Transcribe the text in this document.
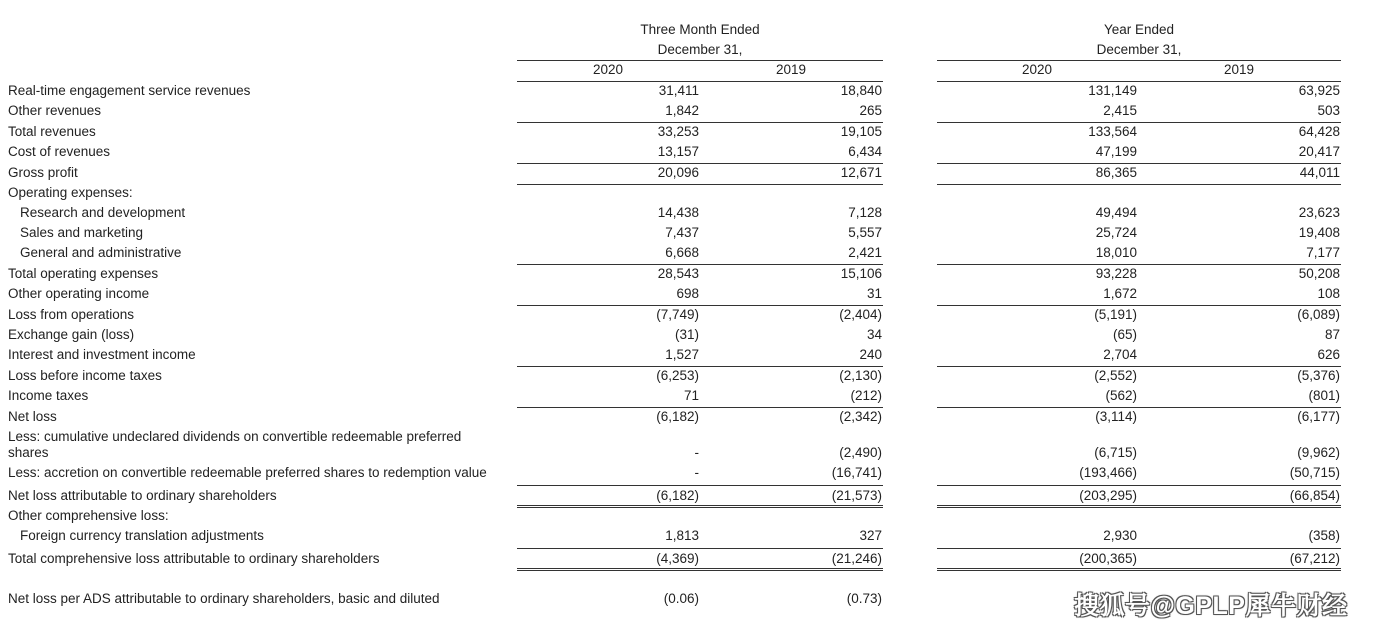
Three Month Ended
December 31,
Year Ended
December 31,
2020	2019	2020	2019
Real-time engagement service revenues	31,411	18,840	131,149	63,925
Other revenues	1,842	265	2,415	503
Total revenues	33,253	19,105	133,564	64,428
Cost of revenues	13,157	6,434	47,199	20,417
Gross profit	20,096	12,671	86,365	44,011
Operating expenses:
Research and development	14,438	7,128	49,494	23,623
Sales and marketing	7,437	5,557	25,724	19,408
General and administrative	6,668	2,421	18,010	7,177
Total operating expenses	28,543	15,106	93,228	50,208
Other operating income	698	31	1,672	108
Loss from operations	(7,749)	(2,404)	(5,191)	(6,089)
Exchange gain (loss)	(31)	34	(65)	87
Interest and investment income	1,527	240	2,704	626
Loss before income taxes	(6,253)	(2,130)	(2,552)	(5,376)
Income taxes	71	(212)	(562)	(801)
Net loss	(6,182)	(2,342)	(3,114)	(6,177)
Less: cumulative undeclared dividends on convertible redeemable preferred
shares	-	(2,490)	(6,715)	(9,962)
Less: accretion on convertible redeemable preferred shares to redemption value	-	(16,741)	(193,466)	(50,715)
Net loss attributable to ordinary shareholders	(6,182)	(21,573)	(203,295)	(66,854)
Other comprehensive loss:
Foreign currency translation adjustments	1,813	327	2,930	(358)
Total comprehensive loss attributable to ordinary shareholders	(4,369)	(21,246)	(200,365)	(67,212)
Net loss per ADS attributable to ordinary shareholders, basic and diluted	(0.06)	(0.73)	搜狐号@GPLP犀牛财经
